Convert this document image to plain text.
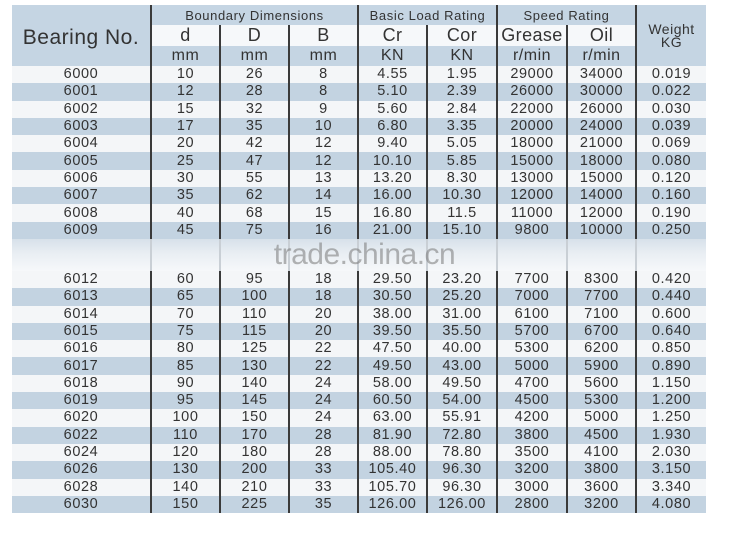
Bearing No.	Boundary Dimensions			Basic Load Rating		Speed Rating		Weight
KG

	d	D	B	Cr	Cor	Grease	Oil	
	mm	mm	mm	KN	KN	r/min	r/min	
6000	10	26	8	4.55	1.95	29000	34000	0.019
6001	12	28	8	5.10	2.39	26000	30000	0.022
6002	15	32	9	5.60	2.84	22000	26000	0.030
6003	17	35	10	6.80	3.35	20000	24000	0.039
6004	20	42	12	9.40	5.05	18000	21000	0.069
6005	25	47	12	10.10	5.85	15000	18000	0.080
6006	30	55	13	13.20	8.30	13000	15000	0.120
6007	35	62	14	16.00	10.30	12000	14000	0.160
6008	40	68	15	16.80	11.5	11000	12000	0.190
6009	45	75	16	21.00	15.10	9800	10000	0.250

6012	60	95	18	29.50	23.20	7700	8300	0.420
6013	65	100	18	30.50	25.20	7000	7700	0.440
6014	70	110	20	38.00	31.00	6100	7100	0.600
6015	75	115	20	39.50	35.50	5700	6700	0.640
6016	80	125	22	47.50	40.00	5300	6200	0.850
6017	85	130	22	49.50	43.00	5000	5900	0.890
6018	90	140	24	58.00	49.50	4700	5600	1.150
6019	95	145	24	60.50	54.00	4500	5300	1.200
6020	100	150	24	63.00	55.91	4200	5000	1.250
6022	110	170	28	81.90	72.80	3800	4500	1.930
6024	120	180	28	88.00	78.80	3500	4100	2.030
6026	130	200	33	105.40	96.30	3200	3800	3.150
6028	140	210	33	105.70	96.30	3000	3600	3.340
6030	150	225	35	126.00	126.00	2800	3200	4.080
trade.china.cn
